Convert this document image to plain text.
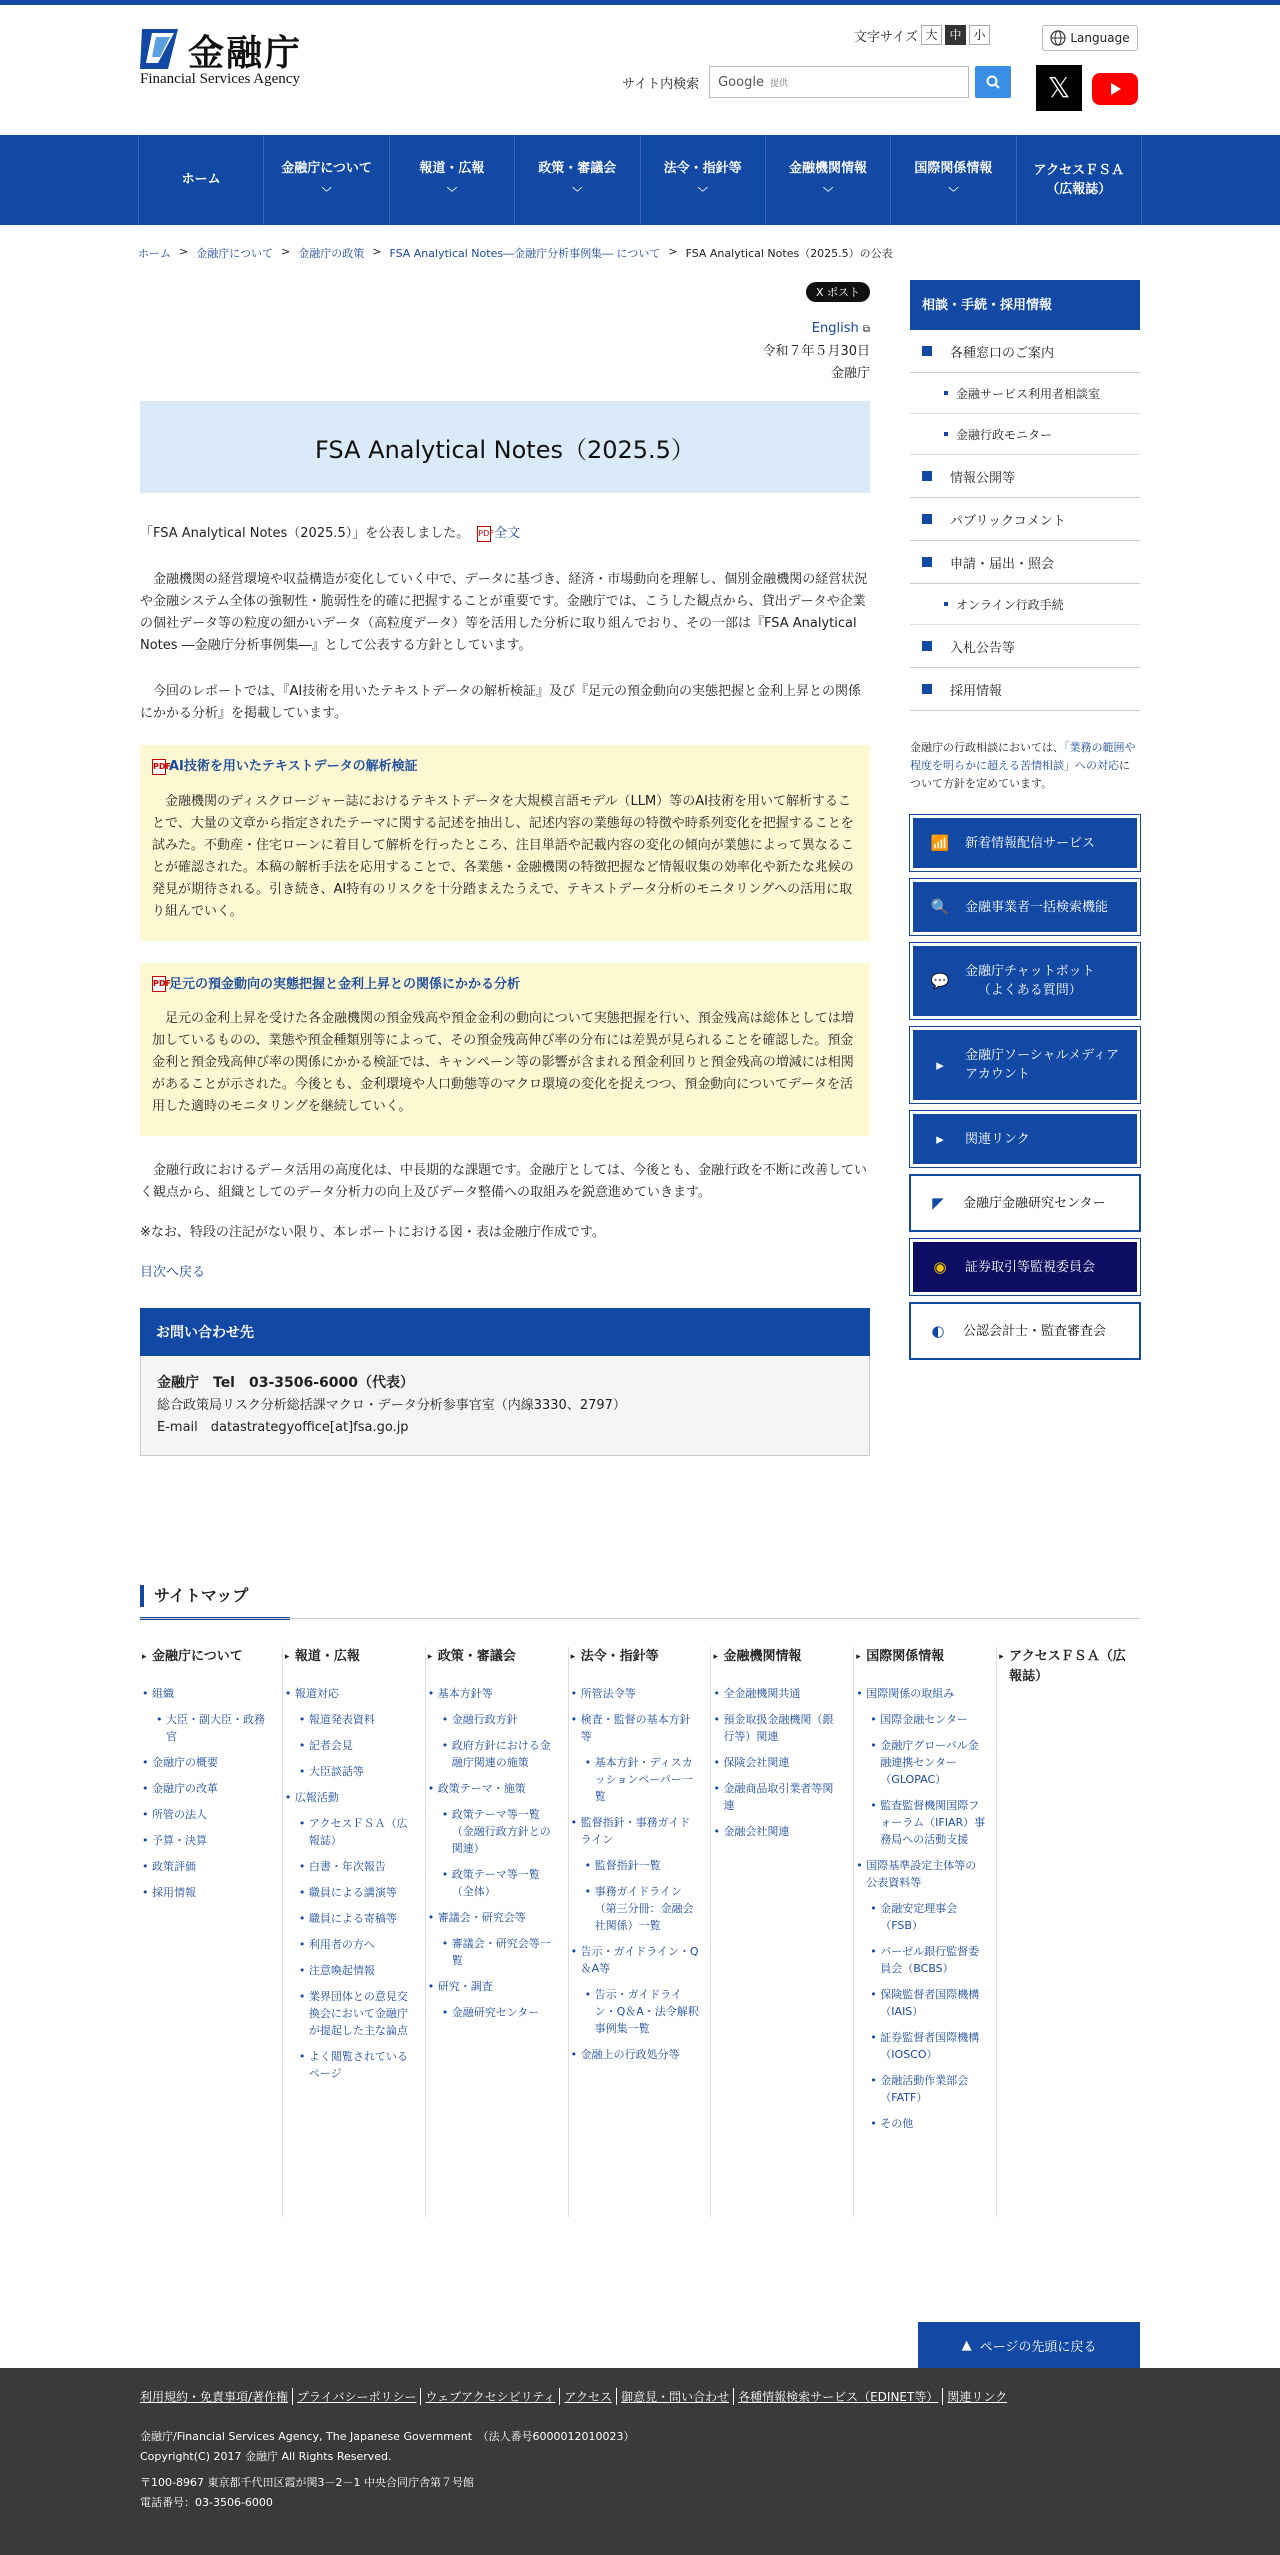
金融庁
Financial Services Agency
文字サイズ 大 中 小	Language
サイト内検索 Google 提供	𝕏
ホーム
金融庁について
﹀
報道・広報
﹀
政策・審議会
﹀
法令・指針等
﹀
金融機関情報
﹀
国際関係情報
﹀
アクセスＦＳＡ
（広報誌）
ホーム > 金融庁について > 金融庁の政策 > FSA Analytical Notes―金融庁分析事例集― について > FSA Analytical Notes（2025.5）の公表
X ポスト
English ⧉
令和７年５月30日
金融庁
FSA Analytical Notes（2025.5）
「FSA Analytical Notes（2025.5）」を公表しました。 PDF全文
金融機関の経営環境や収益構造が変化していく中で、データに基づき、経済・市場動向を理解し、個別金融機関の経営状況や金融システム全体の強靭性・脆弱性を的確に把握することが重要です。金融庁では、こうした観点から、貸出データや企業の個社データ等の粒度の細かいデータ（高粒度データ）等を活用した分析に取り組んでおり、その一部は『FSA Analytical Notes ―金融庁分析事例集―』として公表する方針としています。
今回のレポートでは、『AI技術を用いたテキストデータの解析検証』及び『足元の預金動向の実態把握と金利上昇との関係にかかる分析』を掲載しています。
PDFAI技術を用いたテキストデータの解析検証
金融機関のディスクロージャー誌におけるテキストデータを大規模言語モデル（LLM）等のAI技術を用いて解析することで、大量の文章から指定されたテーマに関する記述を抽出し、記述内容の業態毎の特徴や時系列変化を把握することを試みた。不動産・住宅ローンに着目して解析を行ったところ、注目単語や記載内容の変化の傾向が業態によって異なることが確認された。本稿の解析手法を応用することで、各業態・金融機関の特徴把握など情報収集の効率化や新たな兆候の発見が期待される。引き続き、AI特有のリスクを十分踏まえたうえで、テキストデータ分析のモニタリングへの活用に取り組んでいく。
PDF足元の預金動向の実態把握と金利上昇との関係にかかる分析
足元の金利上昇を受けた各金融機関の預金残高や預金金利の動向について実態把握を行い、預金残高は総体としては増加しているものの、業態や預金種類別等によって、その預金残高伸び率の分布には差異が見られることを確認した。預金金利と預金残高伸び率の関係にかかる検証では、キャンペーン等の影響が含まれる預金利回りと預金残高の増減には相関があることが示された。今後とも、金利環境や人口動態等のマクロ環境の変化を捉えつつ、預金動向についてデータを活用した適時のモニタリングを継続していく。
金融行政におけるデータ活用の高度化は、中長期的な課題です。金融庁としては、今後とも、金融行政を不断に改善していく観点から、組織としてのデータ分析力の向上及びデータ整備への取組みを鋭意進めていきます。
※なお、特段の注記がない限り、本レポートにおける図・表は金融庁作成です。
目次へ戻る
お問い合わせ先
金融庁　Tel　03-3506-6000（代表）
総合政策局リスク分析総括課マクロ・データ分析参事官室（内線3330、2797）
E-mail　datastrategyoffice[at]fsa.go.jp
相談・手続・採用情報
各種窓口のご案内
金融サービス利用者相談室
金融行政モニター
情報公開等
パブリックコメント
申請・届出・照会
オンライン行政手続
入札公告等
採用情報
金融庁の行政相談においては、「業務の範囲や程度を明らかに超える苦情相談」への対応について方針を定めています。
📶 新着情報配信サービス
🔍 金融事業者一括検索機能
💬 金融庁チャットボット
（よくある質問）
▸	金融庁ソーシャルメディア
アカウント
▸	関連リンク
◤	金融庁金融研究センター
◉	証券取引等監視委員会
◐	公認会計士・監査審査会
サイトマップ
▸ 金融庁について
• 組織
• 大臣・副大臣・政務官
• 金融庁の概要
• 金融庁の改革
• 所管の法人
• 予算・決算
• 政策評価
• 採用情報
▸ 報道・広報
• 報道対応
• 報道発表資料
• 記者会見
• 大臣談話等
• 広報活動
• アクセスＦＳＡ（広報誌）
• 白書・年次報告
• 職員による講演等
• 職員による寄稿等
• 利用者の方へ
• 注意喚起情報
• 業界団体との意見交換会において金融庁が提起した主な論点
• よく閲覧されているページ
▸ 政策・審議会
• 基本方針等
• 金融行政方針
• 政府方針における金融庁関連の施策
• 政策テーマ・施策
• 政策テーマ等一覧（金融行政方針との関連）
• 政策テーマ等一覧（全体）
• 審議会・研究会等
• 審議会・研究会等一覧
• 研究・調査
• 金融研究センター
▸ 法令・指針等
• 所管法令等
• 検査・監督の基本方針等
• 基本方針・ディスカッションペーパー一覧
• 監督指針・事務ガイドライン
• 監督指針一覧
• 事務ガイドライン（第三分冊：金融会社関係）一覧
• 告示・ガイドライン・Q＆A等
• 告示・ガイドライン・Q＆A・法令解釈事例集一覧
• 金融上の行政処分等
▸ 金融機関情報
• 全金融機関共通
• 預金取扱金融機関（銀行等）関連
• 保険会社関連
• 金融商品取引業者等関連
• 金融会社関連
▸ 国際関係情報
• 国際関係の取組み
• 国際金融センター
• 金融庁グローバル金融連携センター（GLOPAC）
• 監査監督機関国際フォーラム（IFIAR）事務局への活動支援
• 国際基準設定主体等の公表資料等
• 金融安定理事会（FSB）
• バーゼル銀行監督委員会（BCBS）
• 保険監督者国際機構（IAIS）
• 証券監督者国際機構（IOSCO）
• 金融活動作業部会（FATF）
• その他
▸ アクセスＦＳＡ（広報誌）
▲ ページの先頭に戻る
利用規約・免責事項/著作権 プライバシーポリシー ウェブアクセシビリティ アクセス 御意見・問い合わせ 各種情報検索サービス（EDINET等） 関連リンク
金融庁/Financial Services Agency, The Japanese Government　（法人番号6000012010023）
Copyright(C) 2017 金融庁 All Rights Reserved.
〒100-8967 東京都千代田区霞が関3－2－1 中央合同庁舎第７号館
電話番号：03-3506-6000
